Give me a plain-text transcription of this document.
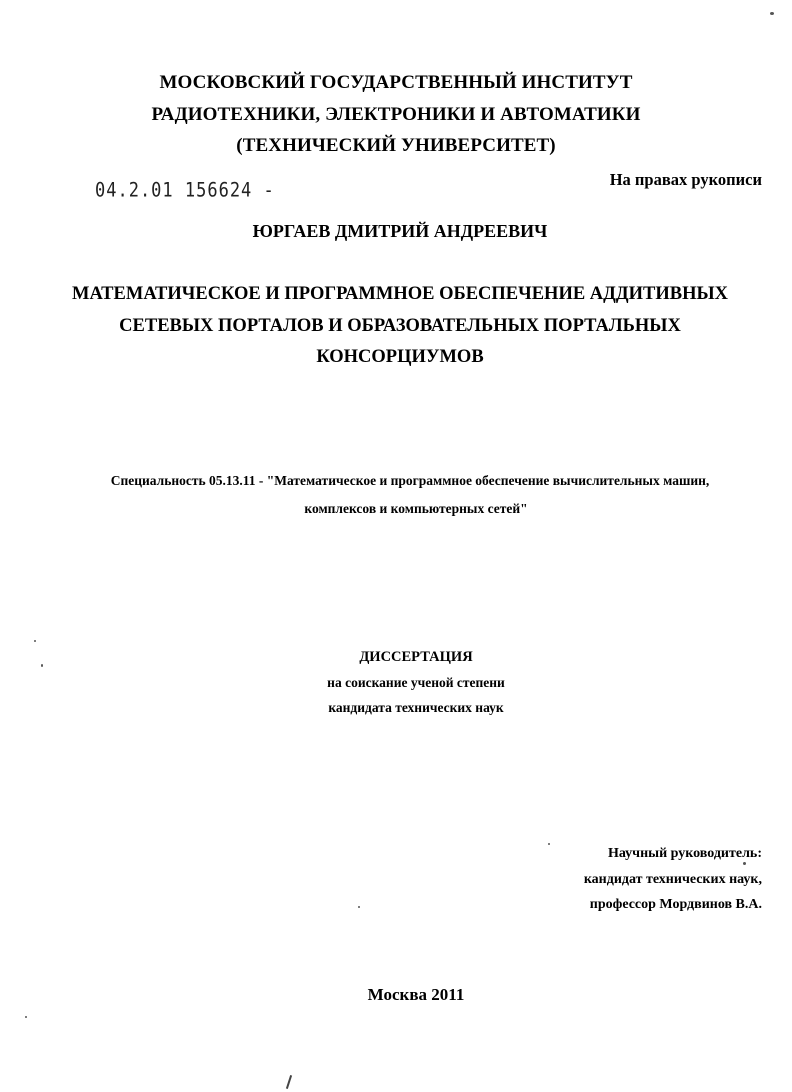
МОСКОВСКИЙ ГОСУДАРСТВЕННЫЙ ИНСТИТУТ
РАДИОТЕХНИКИ, ЭЛЕКТРОНИКИ И АВТОМАТИКИ
(ТЕХНИЧЕСКИЙ УНИВЕРСИТЕТ)
04.2.01 156624 -	На правах рукописи
ЮРГАЕВ ДМИТРИЙ АНДРЕЕВИЧ
МАТЕМАТИЧЕСКОЕ И ПРОГРАММНОЕ ОБЕСПЕЧЕНИЕ АДДИТИВНЫХ
СЕТЕВЫХ ПОРТАЛОВ И ОБРАЗОВАТЕЛЬНЫХ ПОРТАЛЬНЫХ
КОНСОРЦИУМОВ
Специальность 05.13.11 - "Математическое и программное обеспечение вычислительных машин,
комплексов и компьютерных сетей"
ДИССЕРТАЦИЯ
на соискание ученой степени
кандидата технических наук
Научный руководитель:
кандидат технических наук,
профессор Мордвинов В.А.
Москва 2011
